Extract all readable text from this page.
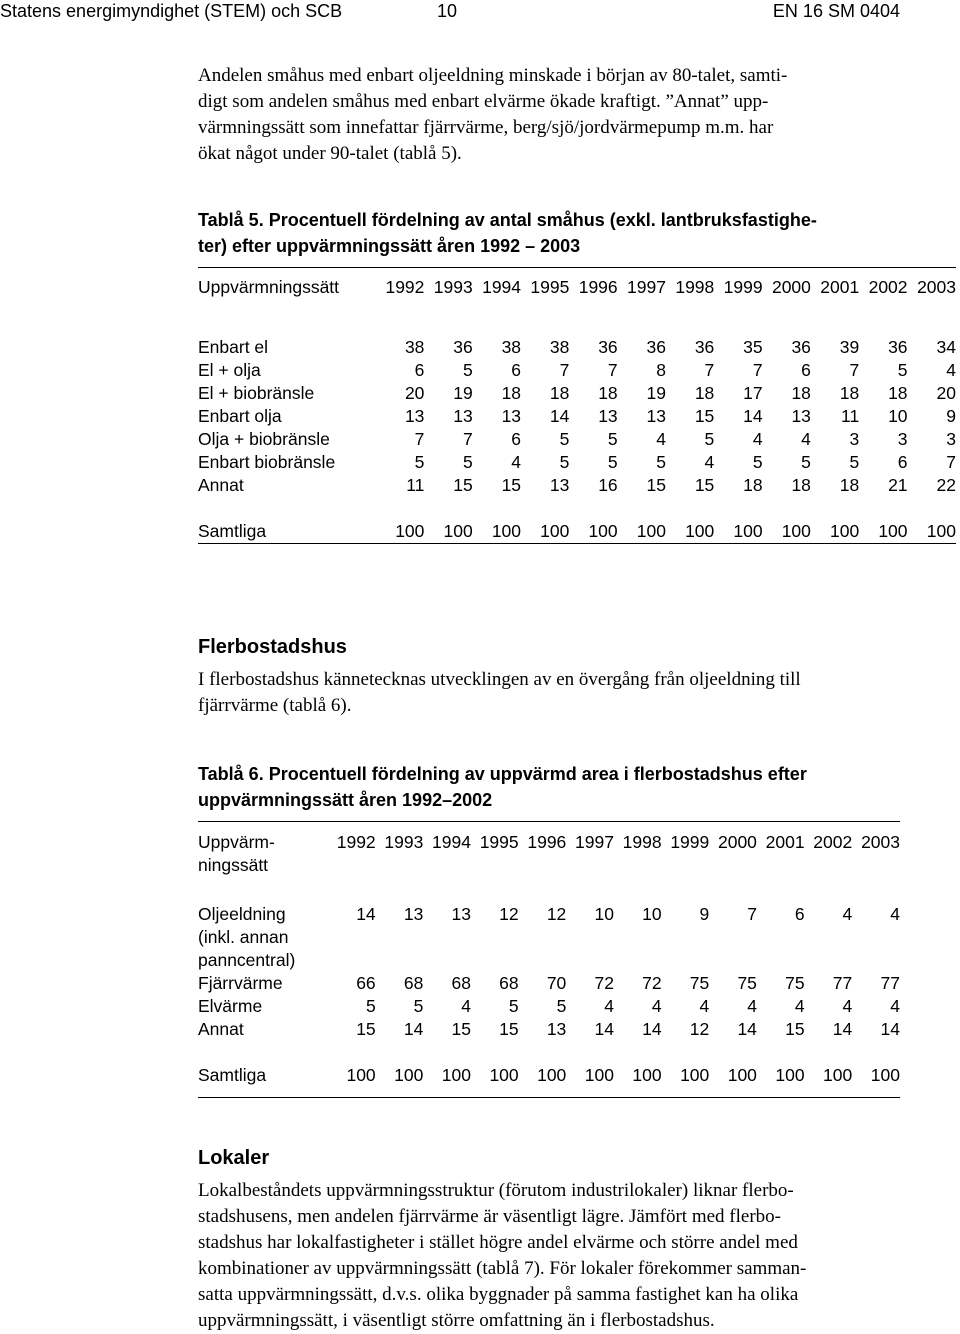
Statens energimyndighet (STEM) och SCB	10	EN 16 SM 0404
Andelen småhus med enbart oljeeldning minskade i början av 80-talet, samti-
digt som andelen småhus med enbart elvärme ökade kraftigt. ”Annat” upp-
värmningssätt som innefattar fjärrvärme, berg/sjö/jordvärmepump m.m. har
ökat något under 90-talet (tablå 5).
Tablå 5. Procentuell fördelning av antal småhus (exkl. lantbruksfastighe-
ter) efter uppvärmningssätt åren 1992 – 2003
Uppvärmningssätt	1992	1993	1994	1995	1996	1997	1998	1999	2000	2001	2002	2003

Enbart el	38	36	38	38	36	36	36	35	36	39	36	34
El + olja	6	5	6	7	7	8	7	7	6	7	5	4
El + biobränsle	20	19	18	18	18	19	18	17	18	18	18	20
Enbart olja	13	13	13	14	13	13	15	14	13	11	10	9
Olja + biobränsle	7	7	6	5	5	4	5	4	4	3	3	3
Enbart biobränsle	5	5	4	5	5	5	4	5	5	5	6	7
Annat	11	15	15	13	16	15	15	18	18	18	21	22

Samtliga	100	100	100	100	100	100	100	100	100	100	100	100
Flerbostadshus
I flerbostadshus kännetecknas utvecklingen av en övergång från oljeeldning till
fjärrvärme (tablå 6).
Tablå 6. Procentuell fördelning av uppvärmd area i flerbostadshus efter
uppvärmningssätt åren 1992–2002
Uppvärm-
ningssätt	1992	1993	1994	1995	1996	1997	1998	1999	2000	2001	2002	2003

Oljeeldning
(inkl. annan
panncentral)	14	13	13	12	12	10	10	9	7	6	4	4

Fjärrvärme	66	68	68	68	70	72	72	75	75	75	77	77

Elvärme	5	5	4	5	5	4	4	4	4	4	4	4

Annat	15	14	15	15	13	14	14	12	14	15	14	14

Samtliga	100	100	100	100	100	100	100	100	100	100	100	100
Lokaler
Lokalbeståndets uppvärmningsstruktur (förutom industrilokaler) liknar flerbo-
stadshusens, men andelen fjärrvärme är väsentligt lägre. Jämfört med flerbo-
stadshus har lokalfastigheter i stället högre andel elvärme och större andel med
kombinationer av uppvärmningssätt (tablå 7). För lokaler förekommer samman-
satta uppvärmningssätt, d.v.s. olika byggnader på samma fastighet kan ha olika
uppvärmningssätt, i väsentligt större omfattning än i flerbostadshus.
